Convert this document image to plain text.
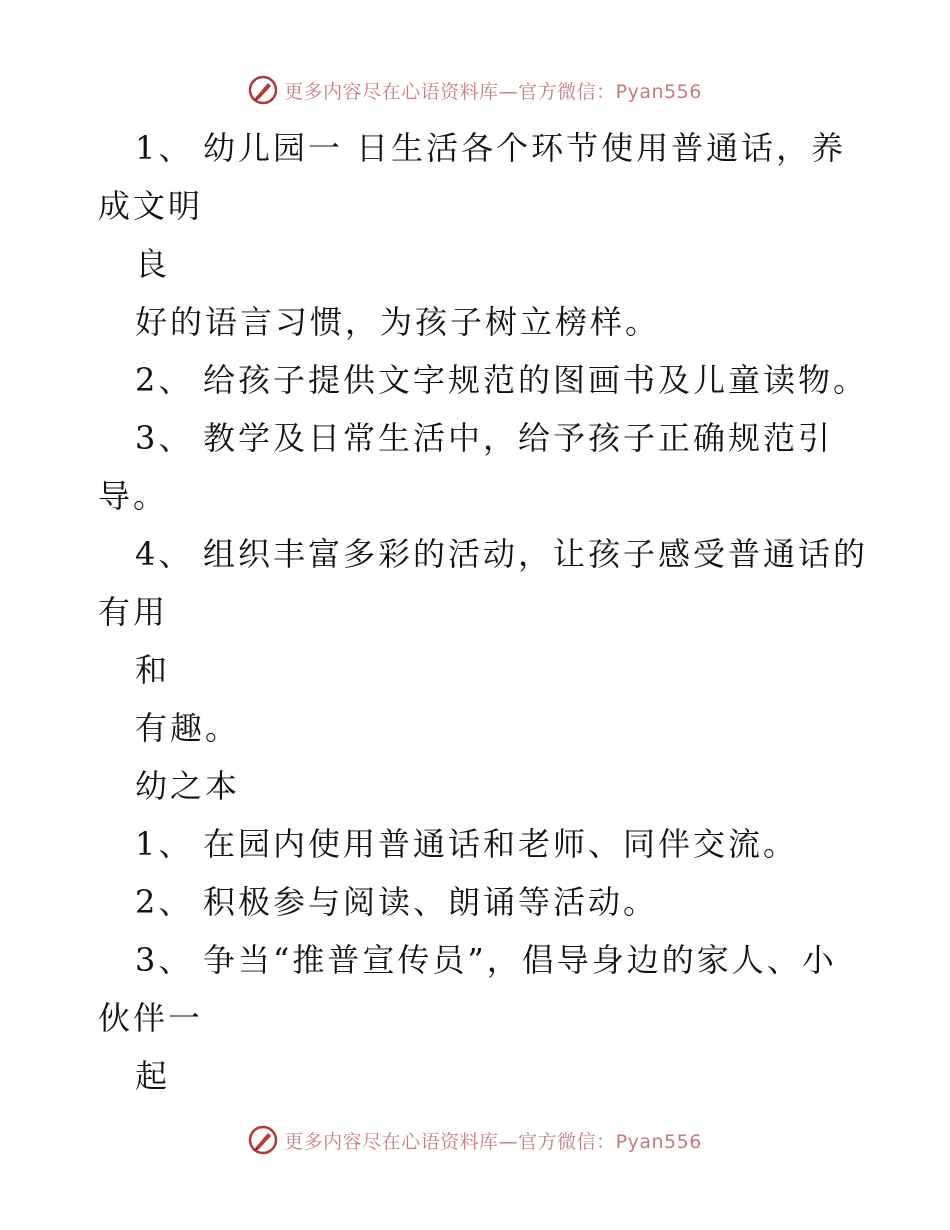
更多内容尽在心语资料库—官方微信：Pyan556
1、 幼儿园一 日生活各个环节使用普通话，养
成文明
良
好的语言习惯，为孩子树立榜样。
2、 给孩子提供文字规范的图画书及儿童读物。
3、 教学及日常生活中，给予孩子正确规范引
导。
4、 组织丰富多彩的活动，让孩子感受普通话的
有用
和
有趣。
幼之本
1、 在园内使用普通话和老师、同伴交流。
2、 积极参与阅读、朗诵等活动。
3、 争当“推普宣传员”，倡导身边的家人、小
伙伴一
起
更多内容尽在心语资料库—官方微信：Pyan556
